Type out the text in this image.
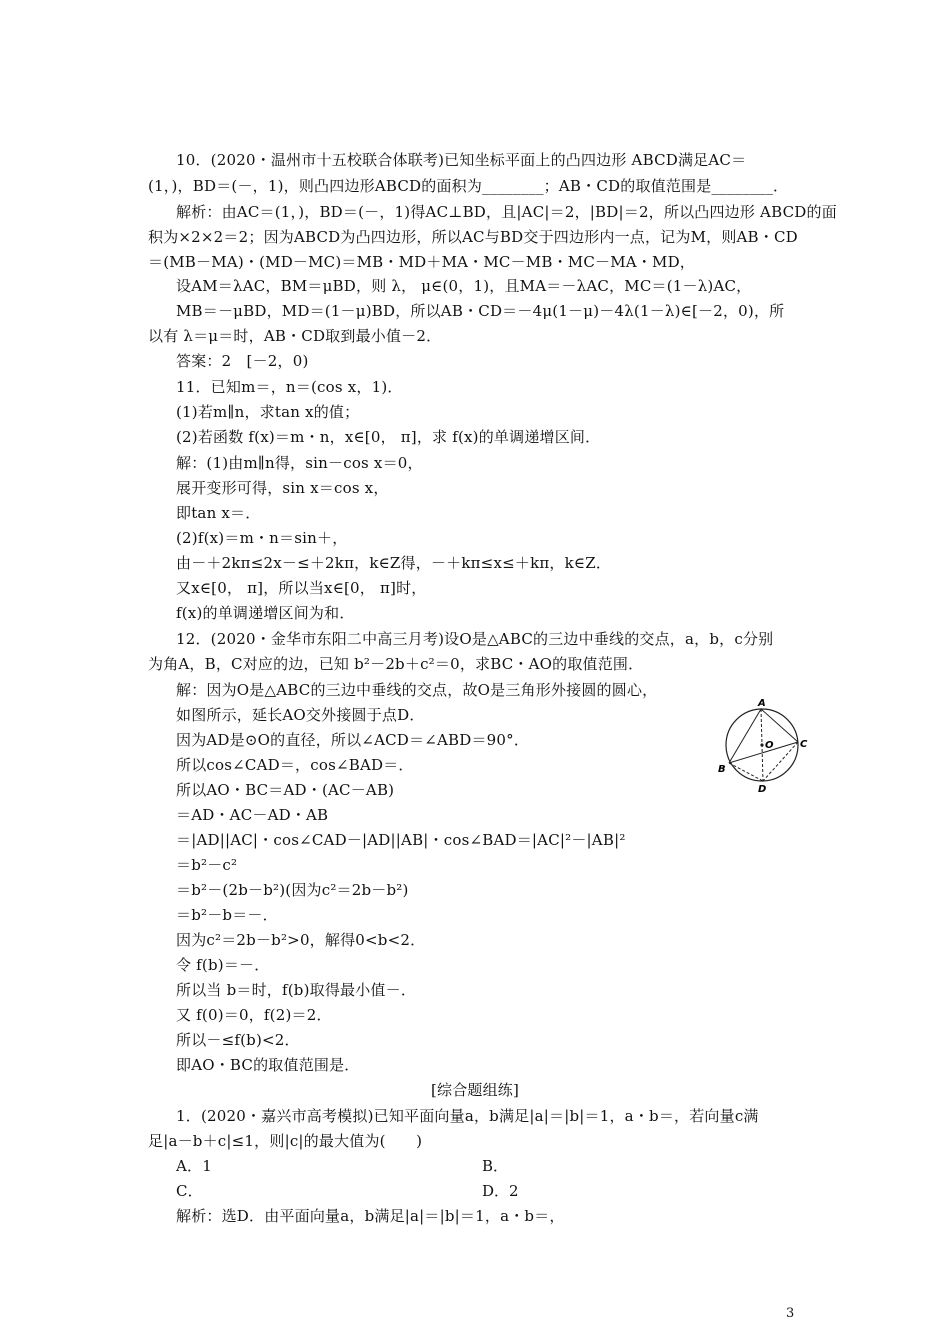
10．(2020・温州市十五校联合体联考)已知坐标平面上的凸四边形 ABCD满足AC＝
(1，)，BD＝(－，1)，则凸四边形ABCD的面积为________；AB・CD的取值范围是________．
解析：由AC＝(1，)，BD＝(－，1)得AC⊥BD，且|AC|＝2，|BD|＝2，所以凸四边形 ABCD的面
积为×2×2＝2；因为ABCD为凸四边形，所以AC与BD交于四边形内一点，记为M，则AB・CD
＝(MB－MA)・(MD－MC)＝MB・MD＋MA・MC－MB・MC－MA・MD，
设AM＝λAC，BM＝μBD，则 λ， μ∈(0，1)，且MA＝－λAC，MC＝(1－λ)AC，
MB＝－μBD，MD＝(1－μ)BD，所以AB・CD＝－4μ(1－μ)－4λ(1－λ)∈[－2，0)，所
以有 λ＝μ＝时，AB・CD取到最小值－2．
答案：2　[－2，0)
11．已知m＝，n＝(cos x，1)．
(1)若m∥n，求tan x的值；
(2)若函数 f(x)＝m・n，x∈[0， π]，求 f(x)的单调递增区间．
解：(1)由m∥n得，sin－cos x＝0，
展开变形可得，sin x＝cos x，
即tan x＝．
(2)f(x)＝m・n＝sin＋，
由－＋2kπ≤2x－≤＋2kπ，k∈Z得，－＋kπ≤x≤＋kπ，k∈Z．
又x∈[0， π]，所以当x∈[0， π]时，
f(x)的单调递增区间为和．
12．(2020・金华市东阳二中高三月考)设O是△ABC的三边中垂线的交点，a，b，c分别
为角A，B，C对应的边，已知 b²－2b＋c²＝0，求BC・AO的取值范围．
解：因为O是△ABC的三边中垂线的交点，故O是三角形外接圆的圆心，
如图所示，延长AO交外接圆于点D．
因为AD是⊙O的直径，所以∠ACD＝∠ABD＝90°．
所以cos∠CAD＝，cos∠BAD＝．
所以AO・BC＝AD・(AC－AB)
＝AD・AC－AD・AB
＝|AD||AC|・cos∠CAD－|AD||AB|・cos∠BAD＝|AC|²－|AB|²
＝b²－c²
＝b²－(2b－b²)(因为c²＝2b－b²)
＝b²－b＝－．
因为c²＝2b－b²>0，解得0<b<2．
令 f(b)＝－．
所以当 b＝时，f(b)取得最小值－．
又 f(0)＝0，f(2)＝2．
所以－≤f(b)<2．
即AO・BC的取值范围是．
[综合题组练]
1．(2020・嘉兴市高考模拟)已知平面向量a，b满足|a|＝|b|＝1，a・b＝，若向量c满
足|a－b＋c|≤1，则|c|的最大值为(　　)
A．1	B．
C．	D．2
解析：选D．由平面向量a，b满足|a|＝|b|＝1，a・b＝，
A
O	C
B
D
3
